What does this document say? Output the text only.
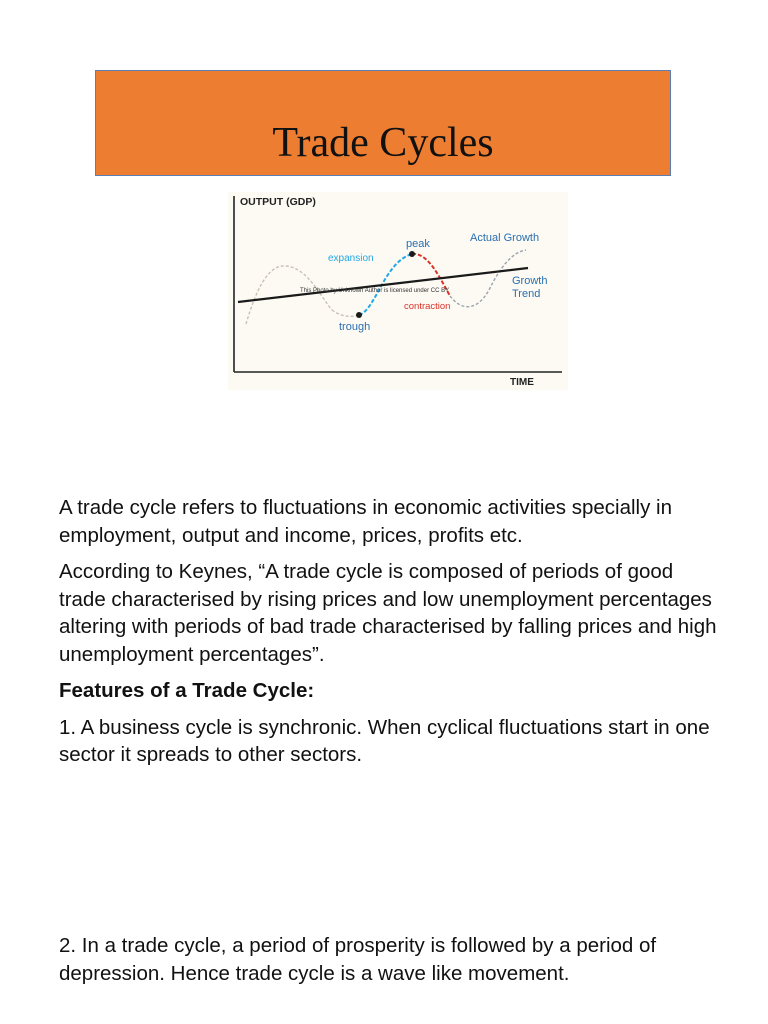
Trade Cycles
OUTPUT (GDP)
TIME
peak
expansion
trough
contraction
Actual Growth
Growth
Trend
This Photo by Unknown Author is licensed under CC BY

A trade cycle refers to fluctuations in economic activities specially in employment, output and income, prices, profits etc.

According to Keynes, “A trade cycle is composed of periods of good trade characterised by rising prices and low unemployment percentages altering with periods of bad trade characterised by falling prices and high unemployment percentages”.

Features of a Trade Cycle:

1. A business cycle is synchronic. When cyclical fluctuations start in one sector it spreads to other sectors.

2. In a trade cycle, a period of prosperity is followed by a period of depression. Hence trade cycle is a wave like movement.
